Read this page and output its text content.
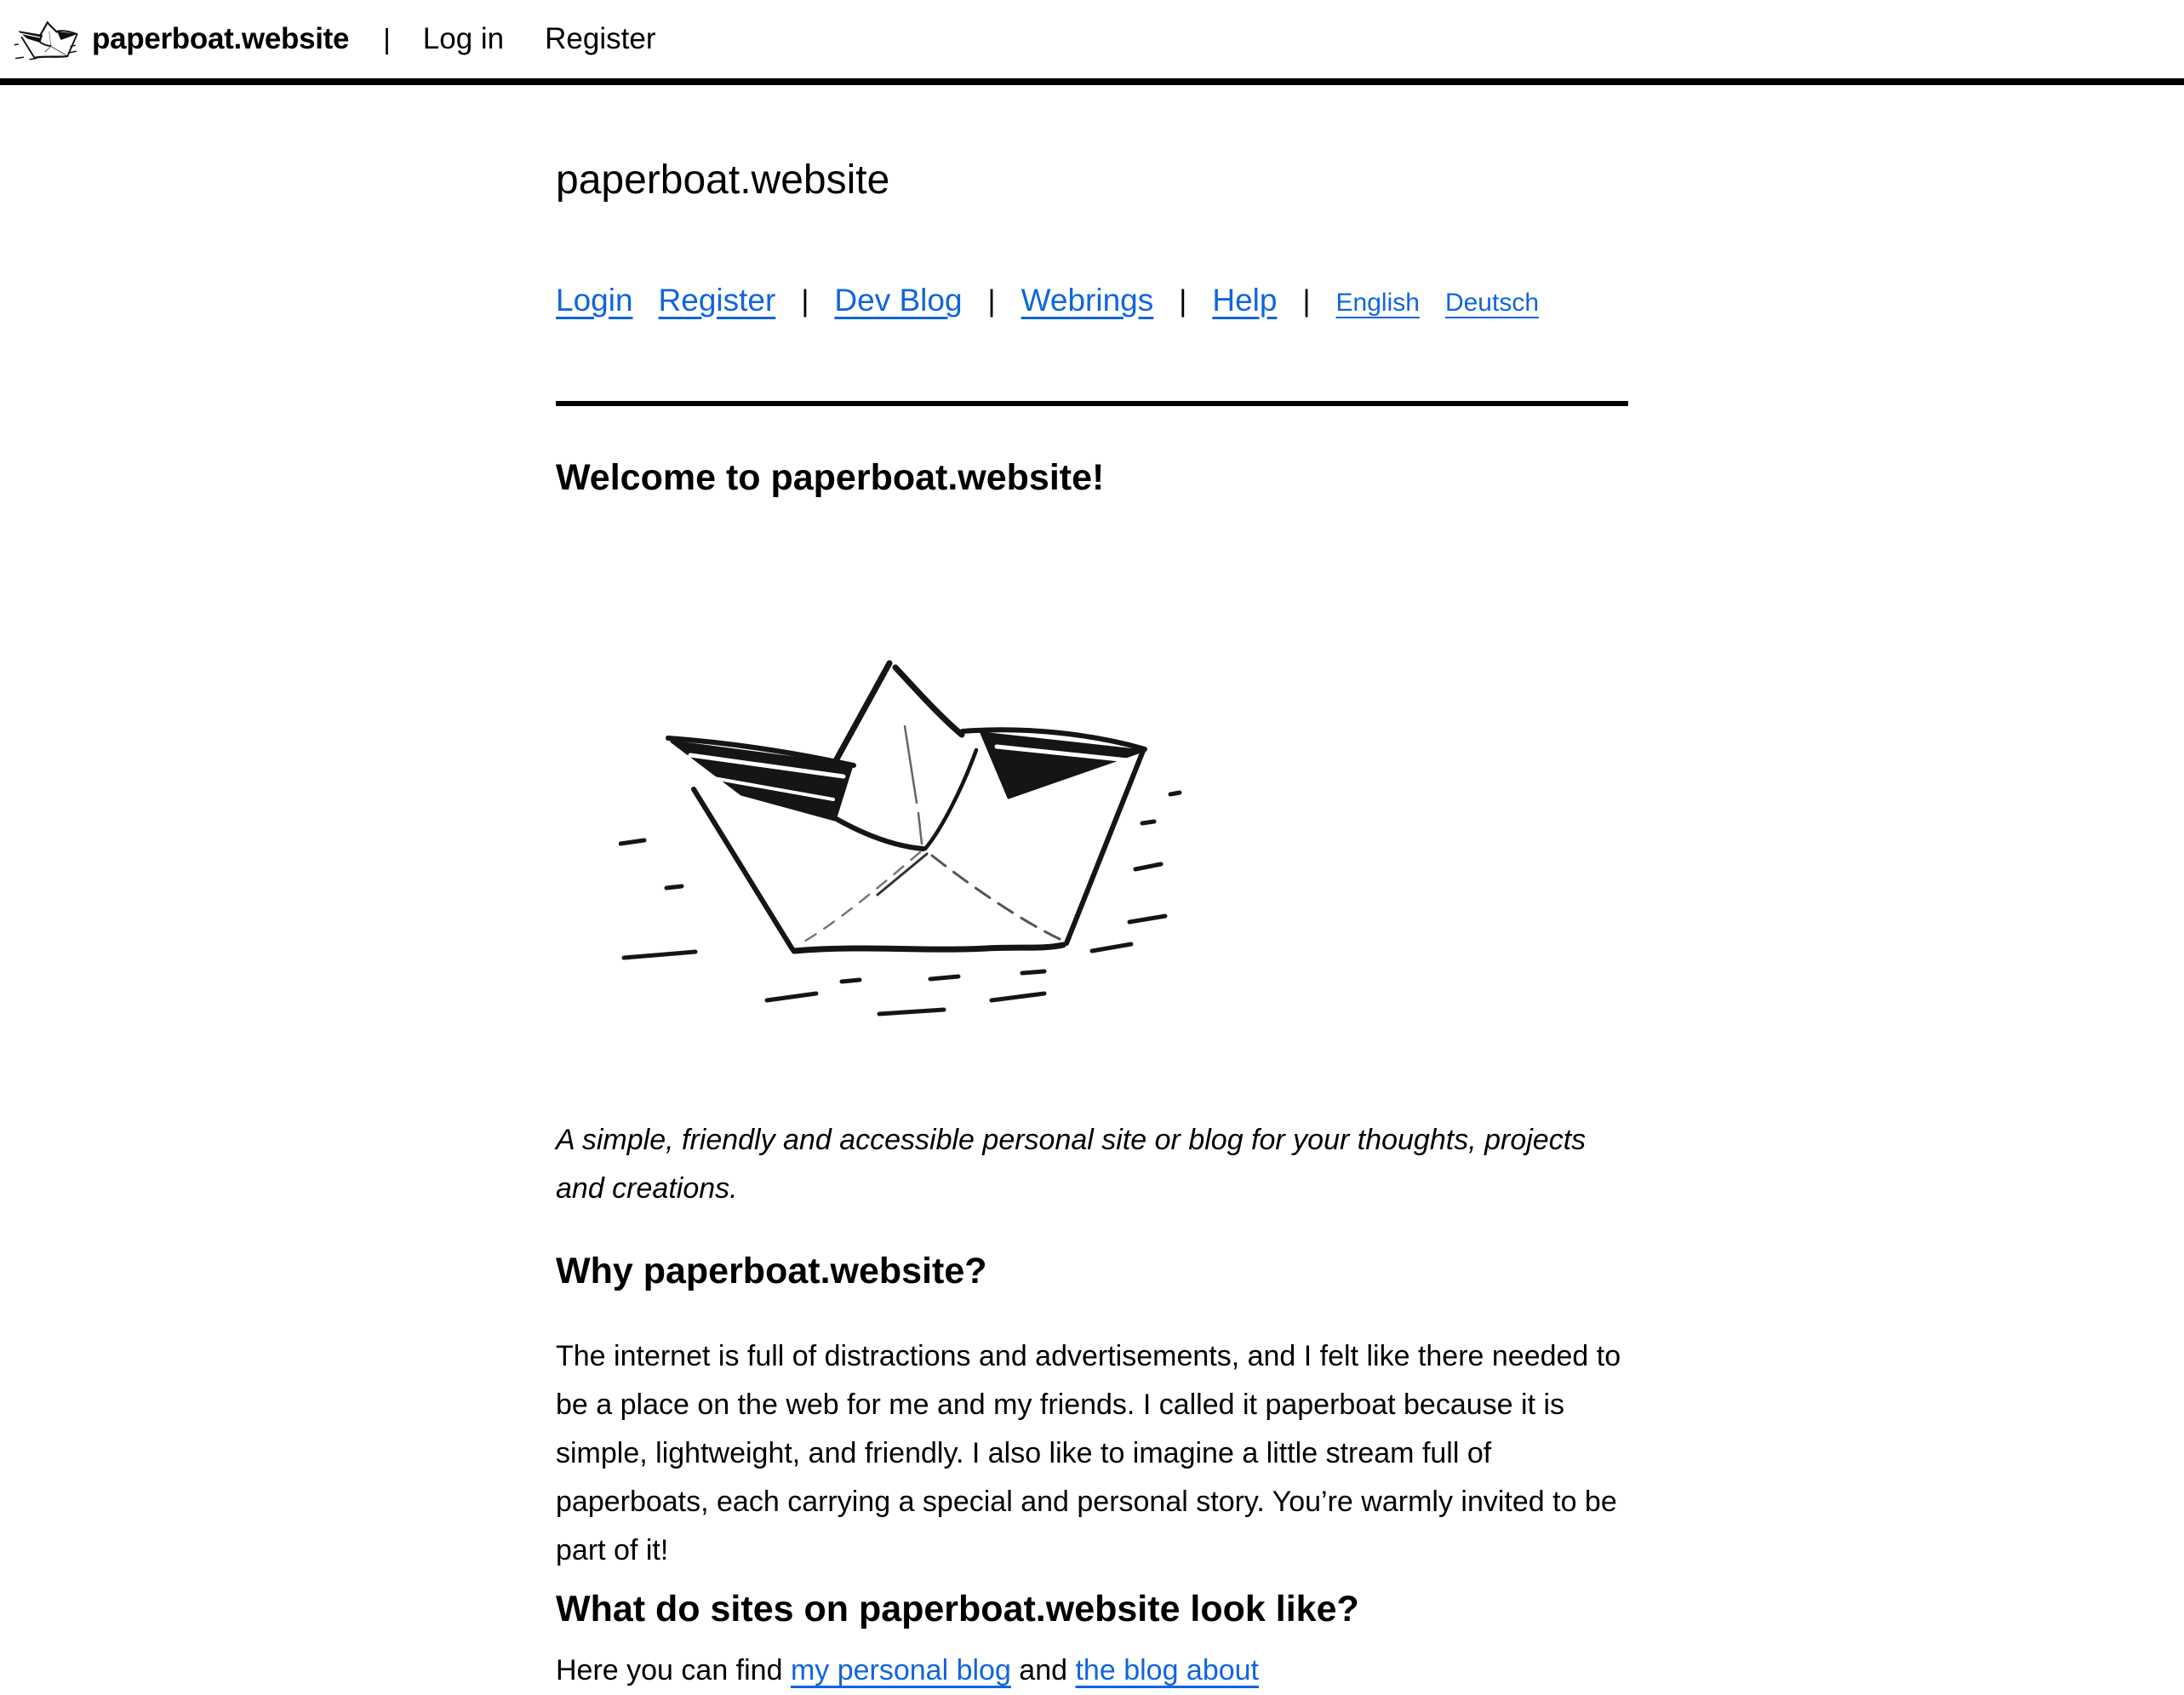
paperboat.website | Log in Register
paperboat.website
Login Register | Dev Blog | Webrings | Help | English Deutsch
Welcome to paperboat.website!

A simple, friendly and accessible personal site or blog for your thoughts, projects and creations.

Why paperboat.website?

The internet is full of distractions and advertisements, and I felt like there needed to be a place on the web for me and my friends. I called it paperboat because it is simple, lightweight, and friendly. I also like to imagine a little stream full of paperboats, each carrying a special and personal story. You’re warmly invited to be part of it!

What do sites on paperboat.website look like?

Here you can find my personal blog and the blog about
